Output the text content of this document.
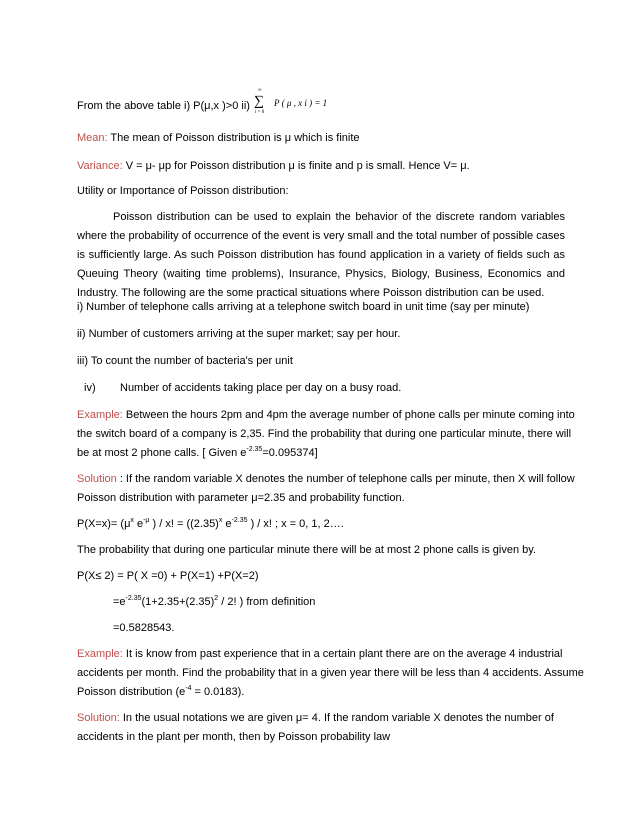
From the above table i) P(μ,x )>0 ii)
∞
∑
i = 0
P ( μ , x i ) = 1
Mean: The mean of Poisson distribution is μ which is finite
Variance: V = μ- μp for Poisson distribution μ is finite and p is small. Hence V= μ.
Utility or Importance of Poisson distribution:
Poisson distribution can be used to explain the behavior of the discrete random variables where the probability of occurrence of the event is very small and the total number of possible cases is sufficiently large. As such Poisson distribution has found application in a variety of fields such as Queuing Theory (waiting time problems), Insurance, Physics, Biology, Business, Economics and Industry. The following are the some practical situations where Poisson distribution can be used.
i) Number of telephone calls arriving at a telephone switch board in unit time (say per minute)
ii) Number of customers arriving at the super market; say per hour.
iii) To count the number of bacteria's per unit
iv) Number of accidents taking place per day on a busy road.
Example: Between the hours 2pm and 4pm the average number of phone calls per minute coming into
the switch board of a company is 2,35. Find the probability that during one particular minute, there will
be at most 2 phone calls. [ Given $e^{-2.35}=0.095374$]
Solution : If the random variable X denotes the number of telephone calls per minute, then X will follow
Poisson distribution with parameter μ=2.35 and probability function.
$P(X=x)= (\mu^x$ $e^{-\mu}$ ) / x! = ($(2.35)^x$ $e^{-2.35}$ ) / x! ; x = 0, 1, 2….
The probability that during one particular minute there will be at most 2 phone calls is given by.
P(X≤ 2) = P( X =0) + P(X=1) +P(X=2)
$=e^{-2.35}(1+2.35+(2.35)^2 / 2$! ) from definition
=0.5828543.
Example: It is know from past experience that in a certain plant there are on the average 4 industrial
accidents per month. Find the probability that in a given year there will be less than 4 accidents. Assume
Poisson distribution $(e^{-4} = 0.0183)$.
Solution: In the usual notations we are given μ= 4. If the random variable X denotes the number of
accidents in the plant per month, then by Poisson probability law
